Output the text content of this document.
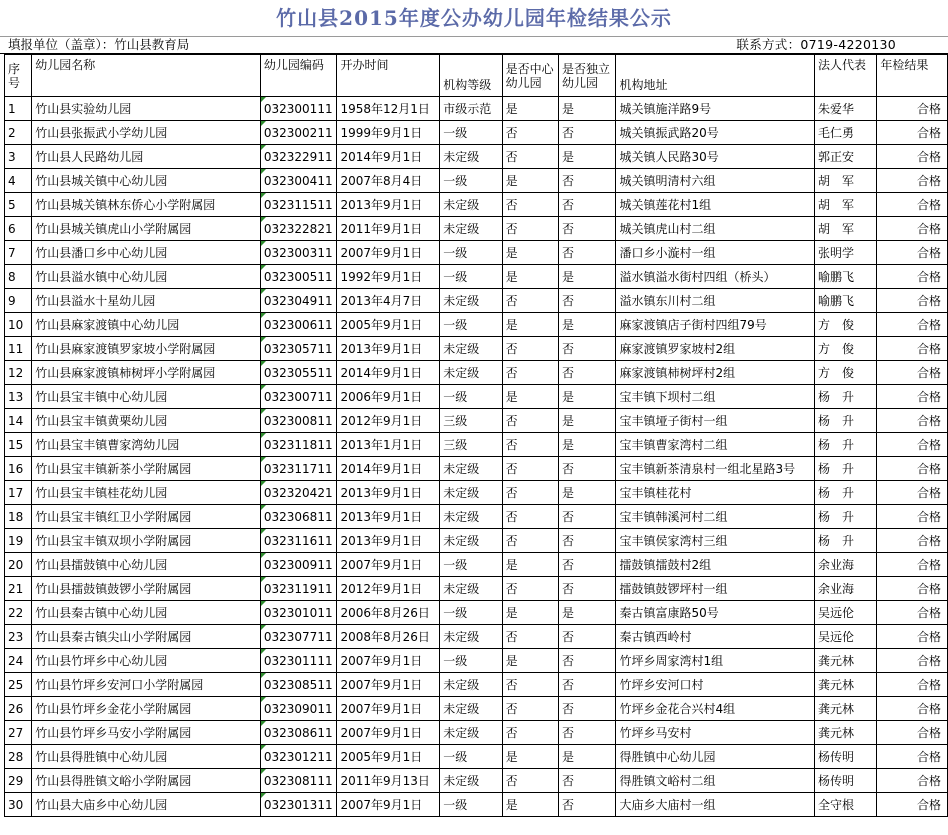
竹山县2015年度公办幼儿园年检结果公示
填报单位（盖章）：竹山县教育局	联系方式：0719-4220130
序号	幼儿园名称	幼儿园编码	开办时间	机构等级	是否中心幼儿园	是否独立幼儿园	机构地址	法人代表	年检结果
1	竹山县实验幼儿园	032300111	1958年12月1日	市级示范	是	是	城关镇施洋路9号	朱爱华	合格
2	竹山县张振武小学幼儿园	032300211	1999年9月1日	一级	否	否	城关镇振武路20号	毛仁勇	合格
3	竹山县人民路幼儿园	032322911	2014年9月1日	未定级	否	是	城关镇人民路30号	郭正安	合格
4	竹山县城关镇中心幼儿园	032300411	2007年8月4日	一级	是	否	城关镇明清村六组	胡　军	合格
5	竹山县城关镇林东侨心小学附属园	032311511	2013年9月1日	未定级	否	否	城关镇莲花村1组	胡　军	合格
6	竹山县城关镇虎山小学附属园	032322821	2011年9月1日	未定级	否	否	城关镇虎山村二组	胡　军	合格
7	竹山县潘口乡中心幼儿园	032300311	2007年9月1日	一级	是	否	潘口乡小漩村一组	张明学	合格
8	竹山县溢水镇中心幼儿园	032300511	1992年9月1日	一级	是	是	溢水镇溢水街村四组（桥头）	喻鹏飞	合格
9	竹山县溢水十星幼儿园	032304911	2013年4月7日	未定级	否	否	溢水镇东川村二组	喻鹏飞	合格
10	竹山县麻家渡镇中心幼儿园	032300611	2005年9月1日	一级	是	是	麻家渡镇店子街村四组79号	方　俊	合格
11	竹山县麻家渡镇罗家坡小学附属园	032305711	2013年9月1日	未定级	否	否	麻家渡镇罗家坡村2组	方　俊	合格
12	竹山县麻家渡镇柿树坪小学附属园	032305511	2014年9月1日	未定级	否	否	麻家渡镇柿树坪村2组	方　俊	合格
13	竹山县宝丰镇中心幼儿园	032300711	2006年9月1日	一级	是	是	宝丰镇下坝村二组	杨　升	合格
14	竹山县宝丰镇黄栗幼儿园	032300811	2012年9月1日	三级	否	是	宝丰镇垭子街村一组	杨　升	合格
15	竹山县宝丰镇曹家湾幼儿园	032311811	2013年1月1日	三级	否	是	宝丰镇曹家湾村二组	杨　升	合格
16	竹山县宝丰镇新茶小学附属园	032311711	2014年9月1日	未定级	否	否	宝丰镇新茶清泉村一组北星路3号	杨　升	合格
17	竹山县宝丰镇桂花幼儿园	032320421	2013年9月1日	未定级	否	是	宝丰镇桂花村	杨　升	合格
18	竹山县宝丰镇红卫小学附属园	032306811	2013年9月1日	未定级	否	否	宝丰镇韩溪河村二组	杨　升	合格
19	竹山县宝丰镇双坝小学附属园	032311611	2013年9月1日	未定级	否	否	宝丰镇侯家湾村三组	杨　升	合格
20	竹山县擂鼓镇中心幼儿园	032300911	2007年9月1日	一级	是	否	擂鼓镇擂鼓村2组	余业海	合格
21	竹山县擂鼓镇鼓锣小学附属园	032311911	2012年9月1日	未定级	否	否	擂鼓镇鼓锣坪村一组	余业海	合格
22	竹山县秦古镇中心幼儿园	032301011	2006年8月26日	一级	是	是	秦古镇富康路50号	吴远伦	合格
23	竹山县秦古镇尖山小学附属园	032307711	2008年8月26日	未定级	否	否	秦古镇西岭村	吴远伦	合格
24	竹山县竹坪乡中心幼儿园	032301111	2007年9月1日	一级	是	否	竹坪乡周家湾村1组	龚元林	合格
25	竹山县竹坪乡安河口小学附属园	032308511	2007年9月1日	未定级	否	否	竹坪乡安河口村	龚元林	合格
26	竹山县竹坪乡金花小学附属园	032309011	2007年9月1日	未定级	否	否	竹坪乡金花合兴村4组	龚元林	合格
27	竹山县竹坪乡马安小学附属园	032308611	2007年9月1日	未定级	否	否	竹坪乡马安村	龚元林	合格
28	竹山县得胜镇中心幼儿园	032301211	2005年9月1日	一级	是	是	得胜镇中心幼儿园	杨传明	合格
29	竹山县得胜镇文峪小学附属园	032308111	2011年9月13日	未定级	否	否	得胜镇文峪村二组	杨传明	合格
30	竹山县大庙乡中心幼儿园	032301311	2007年9月1日	一级	是	否	大庙乡大庙村一组	全守根	合格
